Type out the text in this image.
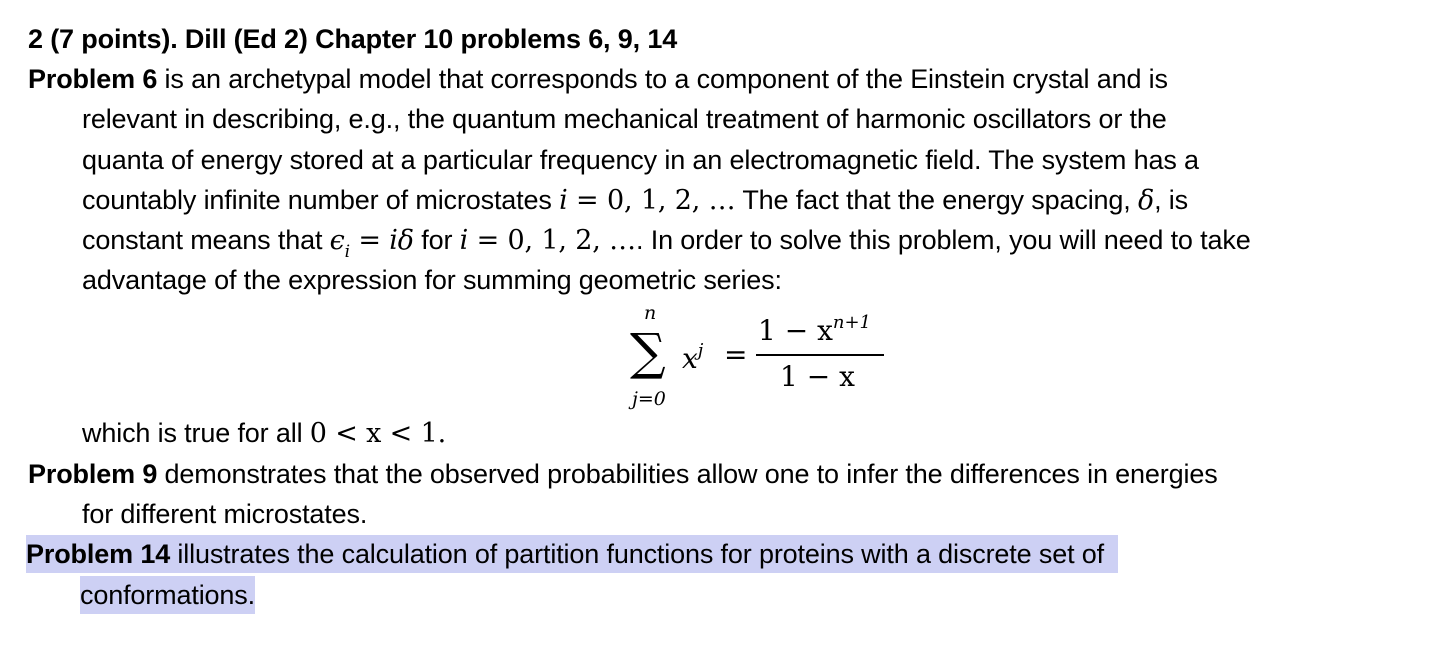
2 (7 points). Dill (Ed 2) Chapter 10 problems 6, 9, 14
Problem 6 is an archetypal model that corresponds to a component of the Einstein crystal and is
relevant in describing, e.g., the quantum mechanical treatment of harmonic oscillators or the
quanta of energy stored at a particular frequency in an electromagnetic field. The system has a
countably infinite number of microstates i = 0, 1, 2, … The fact that the energy spacing, δ, is
constant means that $\epsilon_i = i\delta$ for i = 0, 1, 2, …. In order to solve this problem, you will need to take
advantage of the expression for summing geometric series:
n
∑
j=0
$x^j$ =
$1 - x^{n+1}$
1 − x
which is true for all 0 < x < 1.
Problem 9 demonstrates that the observed probabilities allow one to infer the differences in energies
for different microstates.
Problem 14 illustrates the calculation of partition functions for proteins with a discrete set of
conformations.
